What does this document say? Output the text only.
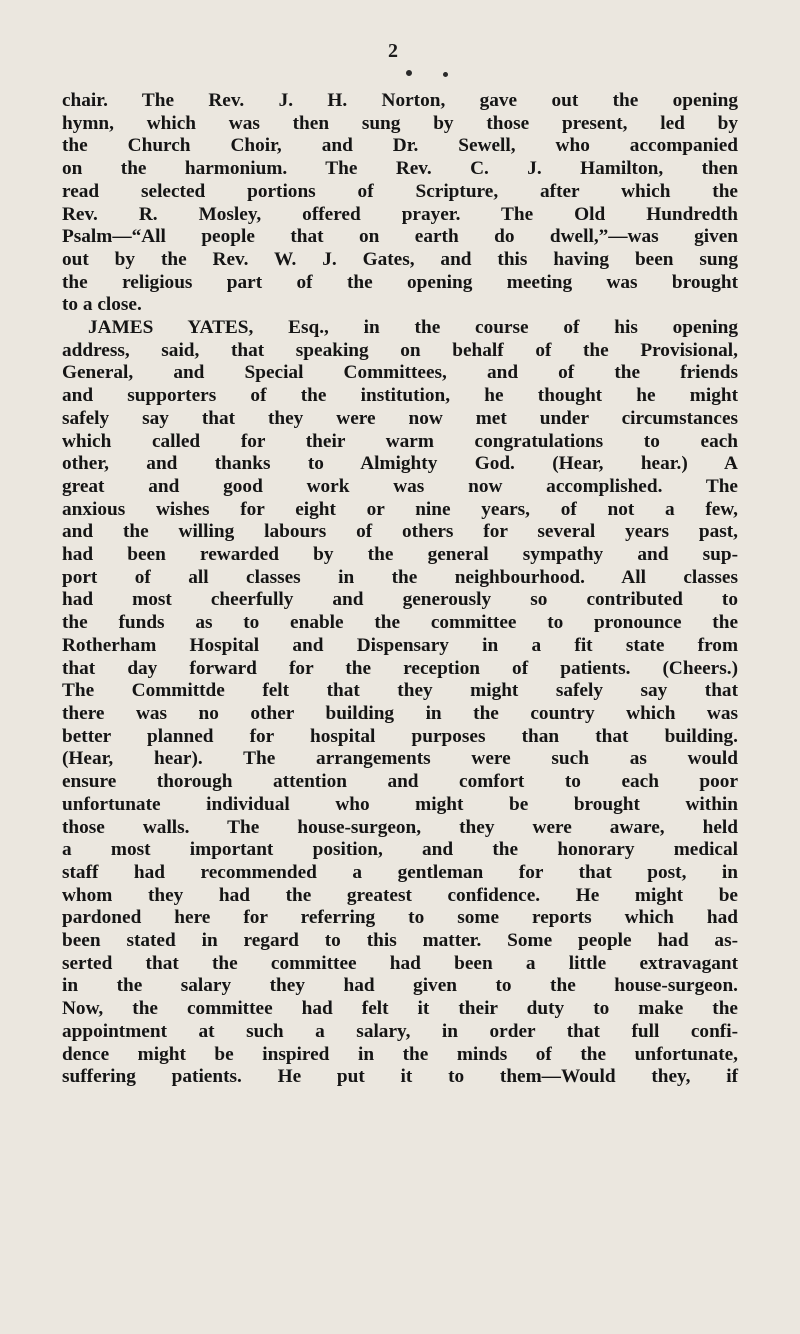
2

chair. The Rev. J. H. Norton, gave out the opening
hymn, which was then sung by those present, led by
the Church Choir, and Dr. Sewell, who accompanied
on the harmonium. The Rev. C. J. Hamilton, then
read selected portions of Scripture, after which the
Rev. R. Mosley, offered prayer. The Old Hundredth
Psalm—“All people that on earth do dwell,”—was given
out by the Rev. W. J. Gates, and this having been sung
the religious part of the opening meeting was brought
to a close.
JAMES YATES, Esq., in the course of his opening
address, said, that speaking on behalf of the Provisional,
General, and Special Committees, and of the friends
and supporters of the institution, he thought he might
safely say that they were now met under circumstances
which called for their warm congratulations to each
other, and thanks to Almighty God. (Hear, hear.) A
great and good work was now accomplished. The
anxious wishes for eight or nine years, of not a few,
and the willing labours of others for several years past,
had been rewarded by the general sympathy and sup-
port of all classes in the neighbourhood. All classes
had most cheerfully and generously so contributed to
the funds as to enable the committee to pronounce the
Rotherham Hospital and Dispensary in a fit state from
that day forward for the reception of patients. (Cheers.)
The Committde felt that they might safely say that
there was no other building in the country which was
better planned for hospital purposes than that building.
(Hear, hear). The arrangements were such as would
ensure thorough attention and comfort to each poor
unfortunate individual who might be brought within
those walls. The house-surgeon, they were aware, held
a most important position, and the honorary medical
staff had recommended a gentleman for that post, in
whom they had the greatest confidence. He might be
pardoned here for referring to some reports which had
been stated in regard to this matter. Some people had as-
serted that the committee had been a little extravagant
in the salary they had given to the house-surgeon.
Now, the committee had felt it their duty to make the
appointment at such a salary, in order that full confi-
dence might be inspired in the minds of the unfortunate,
suffering patients. He put it to them—Would they, if
